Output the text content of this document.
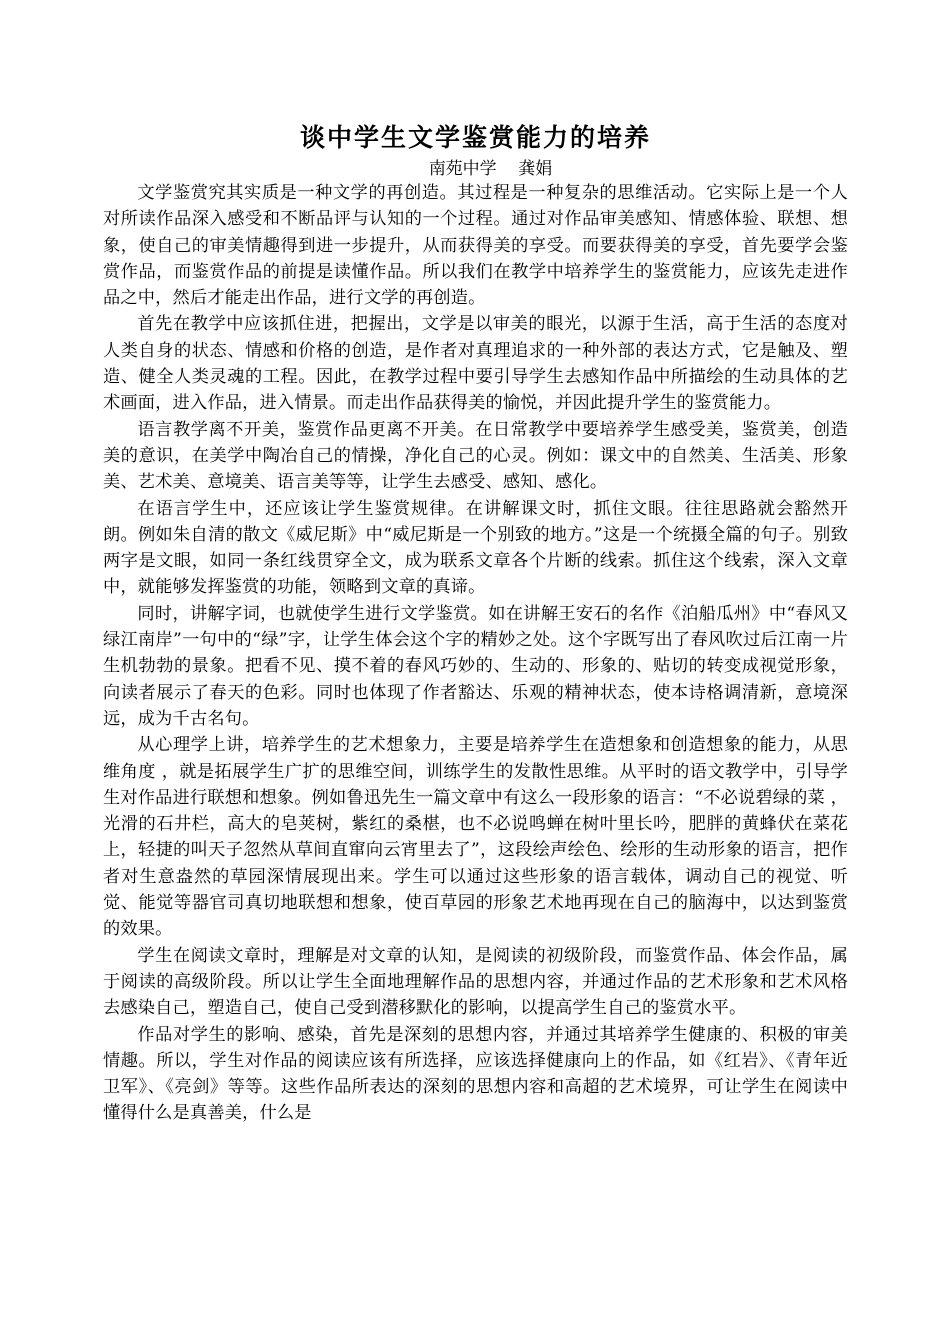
谈中学生文学鉴赏能力的培养
南苑中学    龚娟

文学鉴赏究其实质是一种文学的再创造。其过程是一种复杂的思维活动。它实际上是一个人对所读作品深入感受和不断品评与认知的一个过程。通过对作品审美感知、情感体验、联想、想象，使自己的审美情趣得到进一步提升，从而获得美的享受。而要获得美的享受，首先要学会鉴赏作品，而鉴赏作品的前提是读懂作品。所以我们在教学中培养学生的鉴赏能力，应该先走进作品之中，然后才能走出作品，进行文学的再创造。

首先在教学中应该抓住进，把握出，文学是以审美的眼光，以源于生活，高于生活的态度对人类自身的状态、情感和价格的创造，是作者对真理追求的一种外部的表达方式，它是触及、塑造、健全人类灵魂的工程。因此，在教学过程中要引导学生去感知作品中所描绘的生动具体的艺术画面，进入作品，进入情景。而走出作品获得美的愉悦，并因此提升学生的鉴赏能力。

语言教学离不开美，鉴赏作品更离不开美。在日常教学中要培养学生感受美，鉴赏美，创造美的意识，在美学中陶冶自己的情操，净化自己的心灵。例如：课文中的自然美、生活美、形象美、艺术美、意境美、语言美等等，让学生去感受、感知、感化。

在语言学生中，还应该让学生鉴赏规律。在讲解课文时，抓住文眼。往往思路就会豁然开朗。例如朱自清的散文《威尼斯》中“威尼斯是一个别致的地方。”这是一个统摄全篇的句子。别致两字是文眼，如同一条红线贯穿全文，成为联系文章各个片断的线索。抓住这个线索，深入文章中，就能够发挥鉴赏的功能，领略到文章的真谛。

同时，讲解字词，也就使学生进行文学鉴赏。如在讲解王安石的名作《泊船瓜州》中“春风又绿江南岸”一句中的“绿”字，让学生体会这个字的精妙之处。这个字既写出了春风吹过后江南一片生机勃勃的景象。把看不见、摸不着的春风巧妙的、生动的、形象的、贴切的转变成视觉形象，向读者展示了春天的色彩。同时也体现了作者豁达、乐观的精神状态，使本诗格调清新，意境深远，成为千古名句。

从心理学上讲，培养学生的艺术想象力，主要是培养学生在造想象和创造想象的能力，从思维角度 ，就是拓展学生广扩的思维空间，训练学生的发散性思维。从平时的语文教学中，引导学生对作品进行联想和想象。例如鲁迅先生一篇文章中有这么一段形象的语言：“不必说碧绿的菜 ，光滑的石井栏，高大的皂荚树，紫红的桑椹，也不必说鸣蝉在树叶里长吟，肥胖的黄蜂伏在菜花上，轻捷的叫天子忽然从草间直窜向云宵里去了”，这段绘声绘色、绘形的生动形象的语言，把作者对生意盎然的草园深情展现出来。学生可以通过这些形象的语言载体，调动自己的视觉、听觉、能觉等器官司真切地联想和想象，使百草园的形象艺术地再现在自己的脑海中，以达到鉴赏的效果。

学生在阅读文章时，理解是对文章的认知，是阅读的初级阶段，而鉴赏作品、体会作品，属于阅读的高级阶段。所以让学生全面地理解作品的思想内容，并通过作品的艺术形象和艺术风格去感染自己，塑造自己，使自己受到潜移默化的影响，以提高学生自己的鉴赏水平。

作品对学生的影响、感染，首先是深刻的思想内容，并通过其培养学生健康的、积极的审美情趣。所以，学生对作品的阅读应该有所选择，应该选择健康向上的作品，如《红岩》、《青年近卫军》、《亮剑》等等。这些作品所表达的深刻的思想内容和高超的艺术境界，可让学生在阅读中懂得什么是真善美，什么是
